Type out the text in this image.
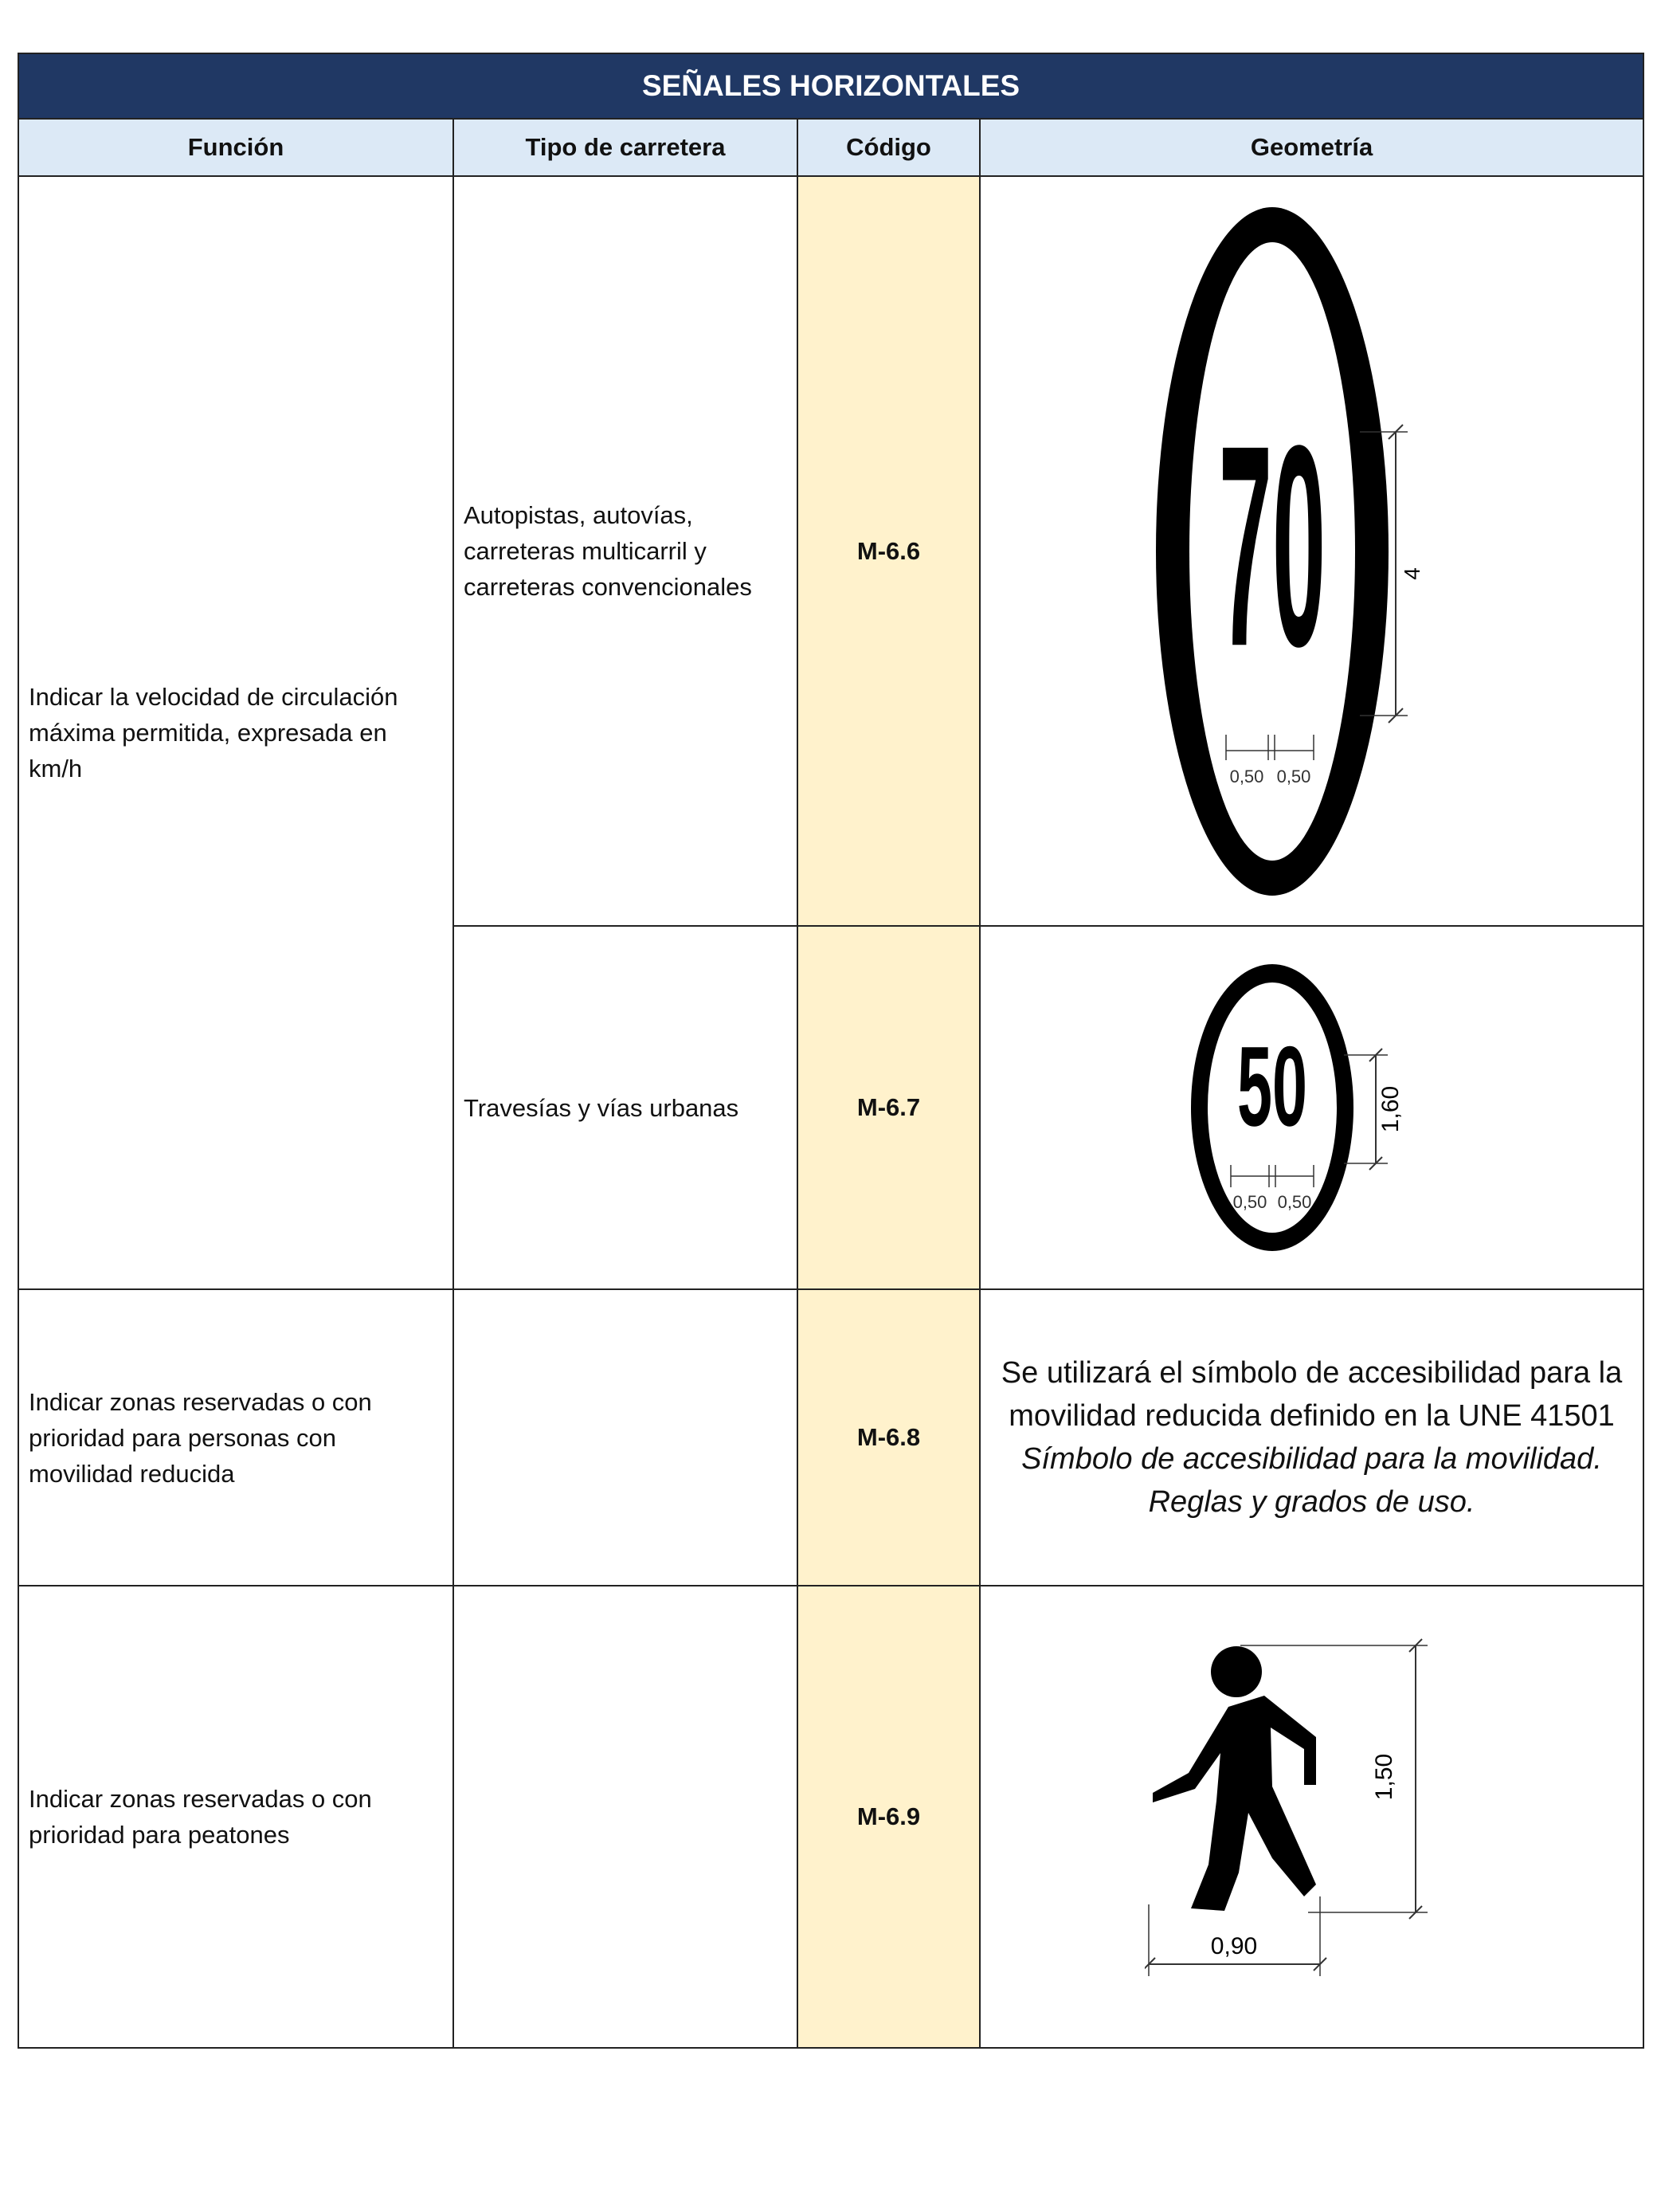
SEÑALES HORIZONTALES			
Función	Tipo de carretera	Código	Geometría
Indicar la velocidad de circulación máxima permitida, expresada en km/h	Autopistas, autovías, carreteras multicarril y carreteras convencionales	M-6.6	70 4
0,50 0,50

	Travesías y vías urbanas	M-6.7	50 1,60
0,50 0,50

Indicar zonas reservadas o con prioridad para personas con movilidad reducida		M-6.8	Se utilizará el símbolo de accesibilidad para la movilidad reducida definido en la UNE 41501 Símbolo de accesibilidad para la movilidad. Reglas y grados de uso.

Indicar zonas reservadas o con prioridad para peatones		M-6.9	1,50
0,90
